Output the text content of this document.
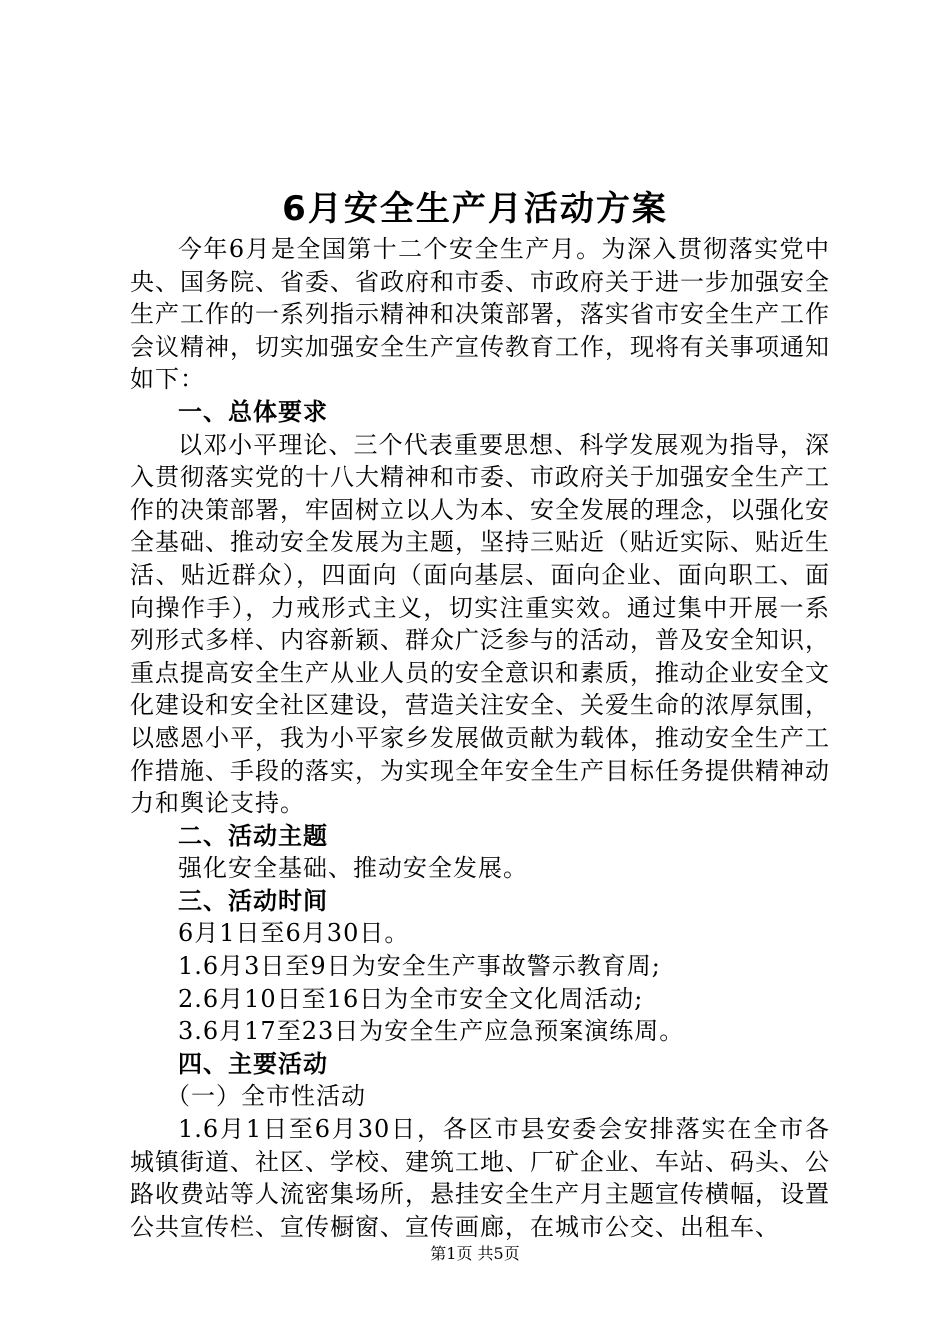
6月安全生产月活动方案

今年6月是全国第十二个安全生产月。为深入贯彻落实党中央、国务院、省委、省政府和市委、市政府关于进一步加强安全生产工作的一系列指示精神和决策部署，落实省市安全生产工作会议精神，切实加强安全生产宣传教育工作，现将有关事项通知如下：

一、总体要求

以邓小平理论、三个代表重要思想、科学发展观为指导，深入贯彻落实党的十八大精神和市委、市政府关于加强安全生产工作的决策部署，牢固树立以人为本、安全发展的理念，以强化安全基础、推动安全发展为主题，坚持三贴近（贴近实际、贴近生活、贴近群众），四面向（面向基层、面向企业、面向职工、面向操作手），力戒形式主义，切实注重实效。通过集中开展一系列形式多样、内容新颖、群众广泛参与的活动，普及安全知识，重点提高安全生产从业人员的安全意识和素质，推动企业安全文化建设和安全社区建设，营造关注安全、关爱生命的浓厚氛围，以感恩小平，我为小平家乡发展做贡献为载体，推动安全生产工作措施、手段的落实，为实现全年安全生产目标任务提供精神动力和舆论支持。

二、活动主题

强化安全基础、推动安全发展。

三、活动时间

6月1日至6月30日。

1.6月3日至9日为安全生产事故警示教育周;

2.6月10日至16日为全市安全文化周活动;

3.6月17至23日为安全生产应急预案演练周。

四、主要活动

（一）全市性活动

1.6月1日至6月30日，各区市县安委会安排落实在全市各城镇街道、社区、学校、建筑工地、厂矿企业、车站、码头、公路收费站等人流密集场所，悬挂安全生产月主题宣传横幅，设置公共宣传栏、宣传橱窗、宣传画廊，在城市公交、出租车、

第1页 共5页
